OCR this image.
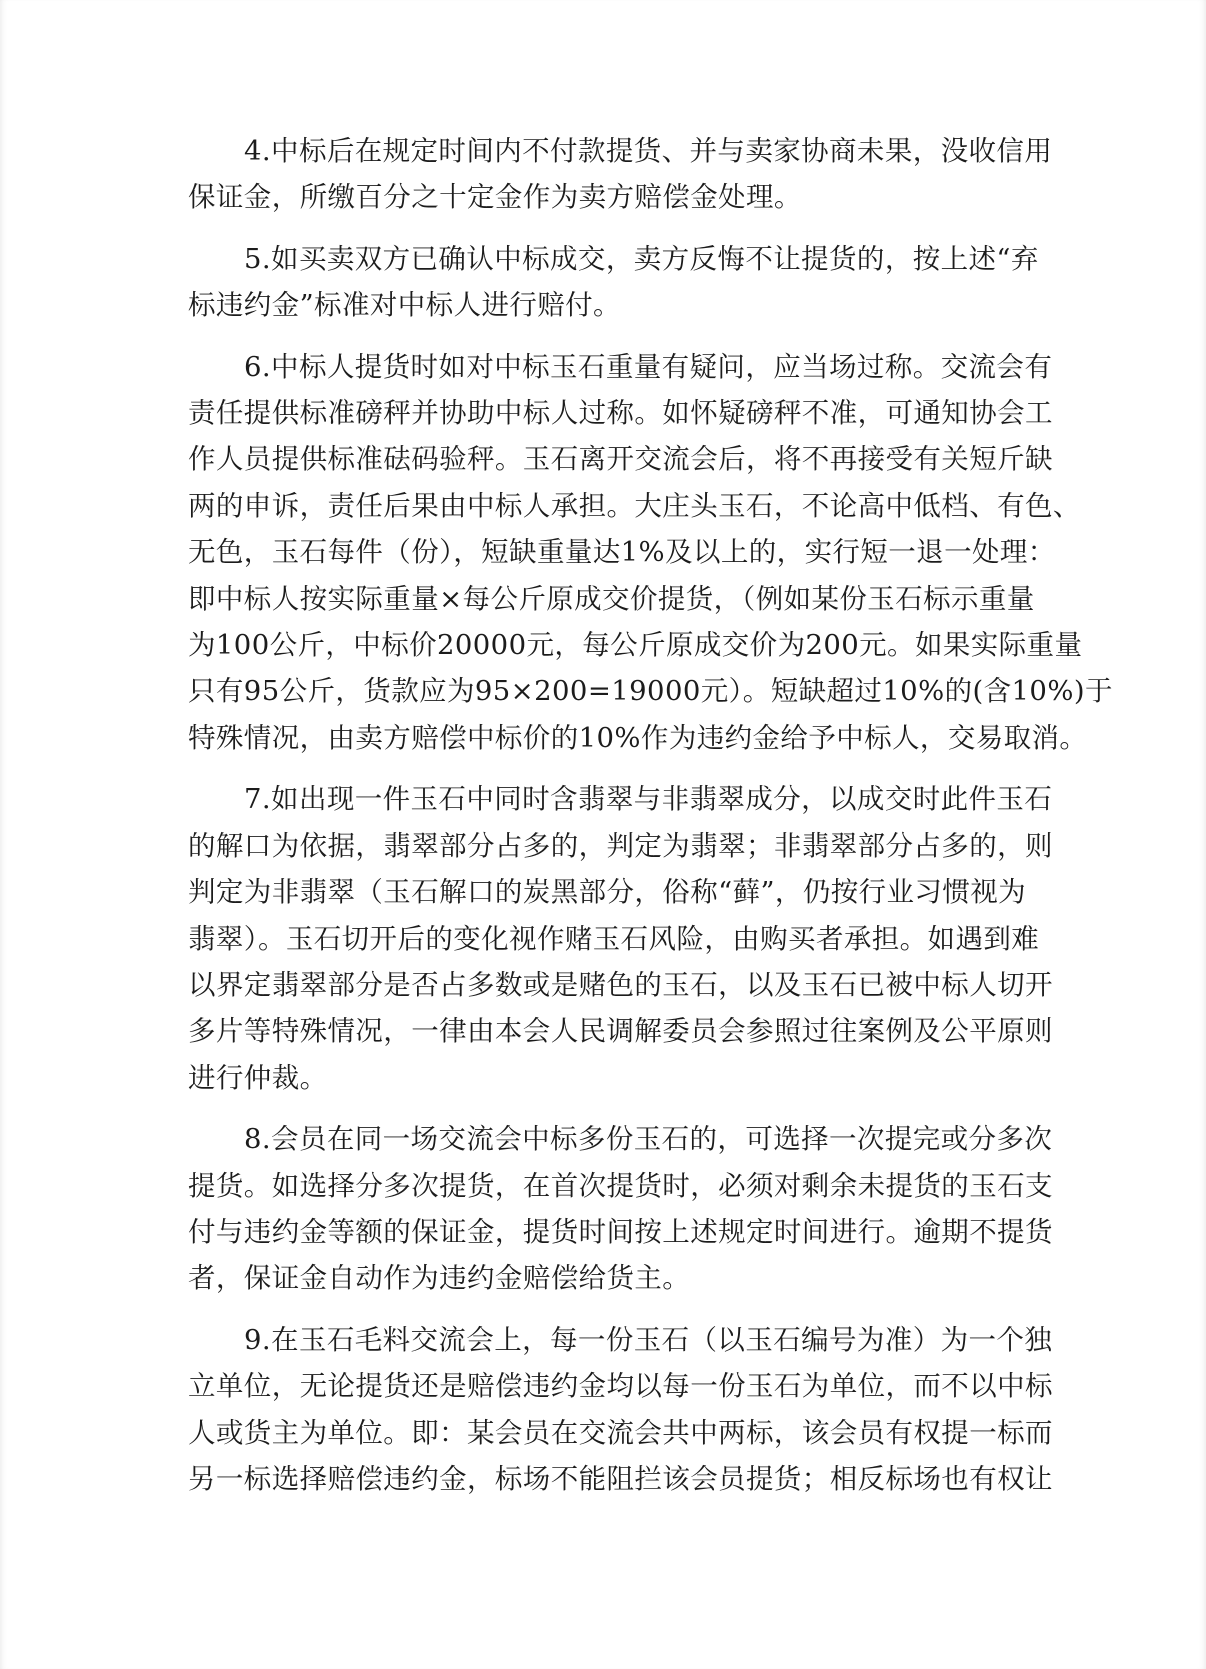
4.中标后在规定时间内不付款提货、并与卖家协商未果，没收信用
保证金，所缴百分之十定金作为卖方赔偿金处理。

5.如买卖双方已确认中标成交，卖方反悔不让提货的，按上述“弃
标违约金”标准对中标人进行赔付。

6.中标人提货时如对中标玉石重量有疑问，应当场过称。交流会有
责任提供标准磅秤并协助中标人过称。如怀疑磅秤不准，可通知协会工
作人员提供标准砝码验秤。玉石离开交流会后，将不再接受有关短斤缺
两的申诉，责任后果由中标人承担。大庄头玉石，不论高中低档、有色、
无色，玉石每件（份），短缺重量达1%及以上的，实行短一退一处理：
即中标人按实际重量×每公斤原成交价提货，（例如某份玉石标示重量
为100公斤，中标价20000元，每公斤原成交价为200元。如果实际重量
只有95公斤，货款应为95×200=19000元）。短缺超过10%的(含10%)于
特殊情况，由卖方赔偿中标价的10%作为违约金给予中标人，交易取消。

7.如出现一件玉石中同时含翡翠与非翡翠成分，以成交时此件玉石
的解口为依据，翡翠部分占多的，判定为翡翠；非翡翠部分占多的，则
判定为非翡翠（玉石解口的炭黑部分，俗称“藓”，仍按行业习惯视为
翡翠）。玉石切开后的变化视作赌玉石风险，由购买者承担。如遇到难
以界定翡翠部分是否占多数或是赌色的玉石，以及玉石已被中标人切开
多片等特殊情况，一律由本会人民调解委员会参照过往案例及公平原则
进行仲裁。

8.会员在同一场交流会中标多份玉石的，可选择一次提完或分多次
提货。如选择分多次提货，在首次提货时，必须对剩余未提货的玉石支
付与违约金等额的保证金，提货时间按上述规定时间进行。逾期不提货
者，保证金自动作为违约金赔偿给货主。

9.在玉石毛料交流会上，每一份玉石（以玉石编号为准）为一个独
立单位，无论提货还是赔偿违约金均以每一份玉石为单位，而不以中标
人或货主为单位。即：某会员在交流会共中两标，该会员有权提一标而
另一标选择赔偿违约金，标场不能阻拦该会员提货；相反标场也有权让
